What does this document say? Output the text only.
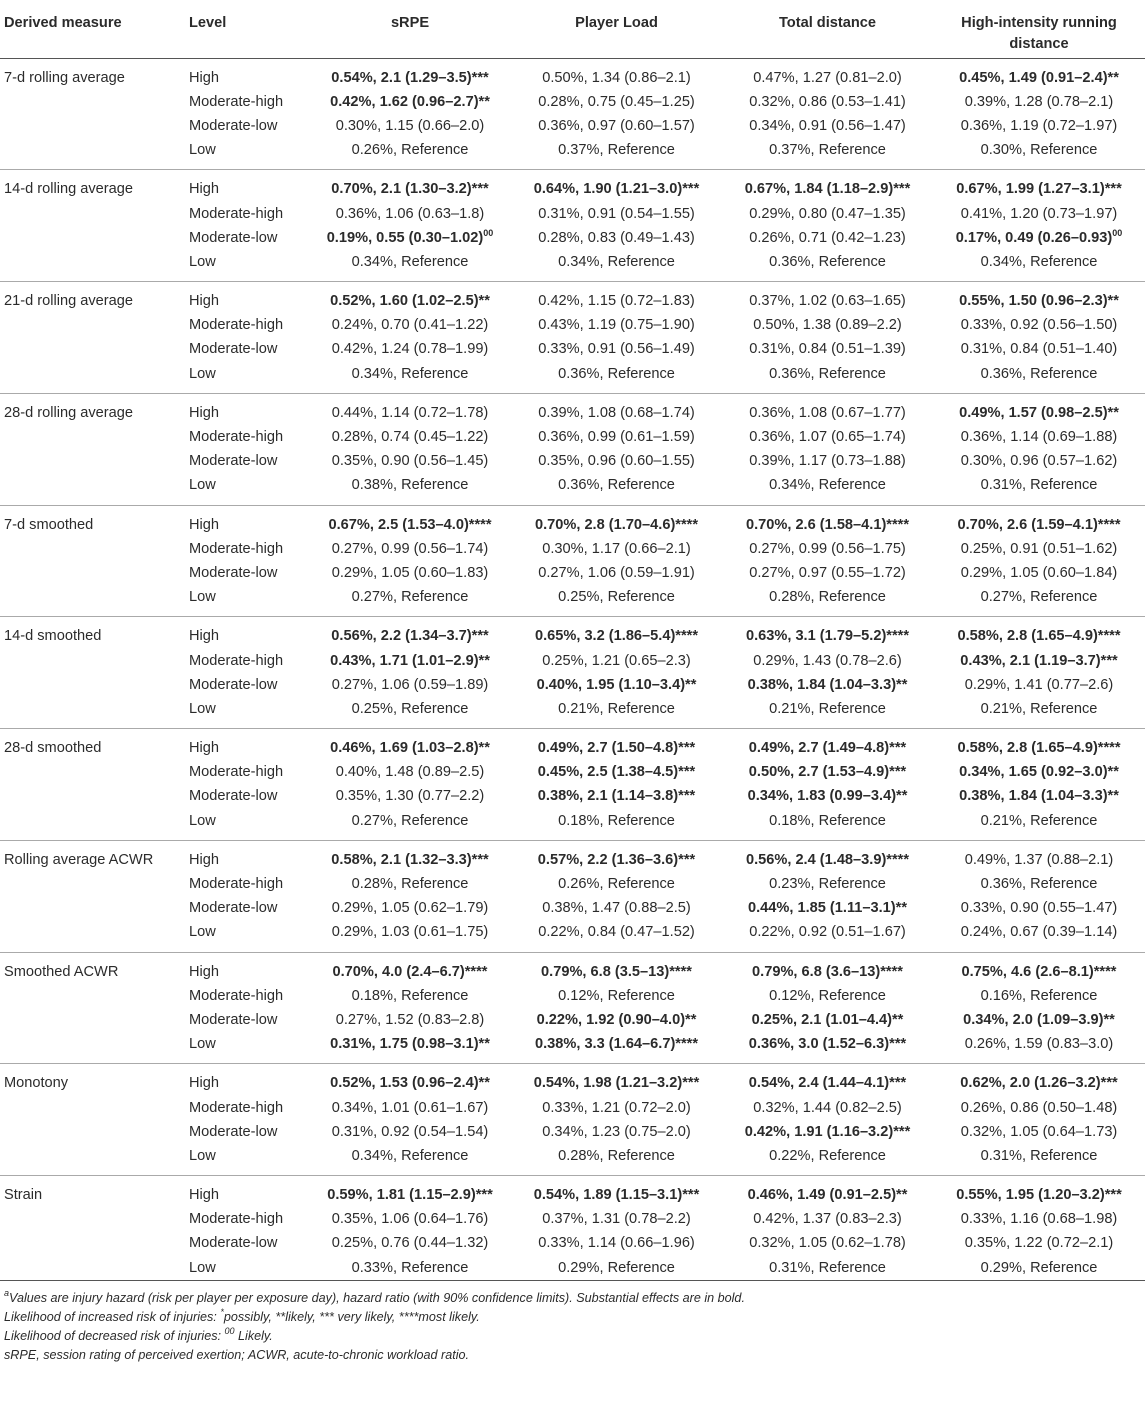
Derived measure	Level	sRPE	Player Load	Total distance	High-intensity running distance
7-d rolling average	High	0.54%, 2.1 (1.29–3.5)***	0.50%, 1.34 (0.86–2.1)	0.47%, 1.27 (0.81–2.0)	0.45%, 1.49 (0.91–2.4)**
	Moderate-high	0.42%, 1.62 (0.96–2.7)**	0.28%, 0.75 (0.45–1.25)	0.32%, 0.86 (0.53–1.41)	0.39%, 1.28 (0.78–2.1)
	Moderate-low	0.30%, 1.15 (0.66–2.0)	0.36%, 0.97 (0.60–1.57)	0.34%, 0.91 (0.56–1.47)	0.36%, 1.19 (0.72–1.97)
	Low	0.26%, Reference	0.37%, Reference	0.37%, Reference	0.30%, Reference
14-d rolling average	High	0.70%, 2.1 (1.30–3.2)***	0.64%, 1.90 (1.21–3.0)***	0.67%, 1.84 (1.18–2.9)***	0.67%, 1.99 (1.27–3.1)***
	Moderate-high	0.36%, 1.06 (0.63–1.8)	0.31%, 0.91 (0.54–1.55)	0.29%, 0.80 (0.47–1.35)	0.41%, 1.20 (0.73–1.97)
	Moderate-low	0.19%, 0.55 $(0.30-1.02)^{00}$	0.28%, 0.83 (0.49–1.43)	0.26%, 0.71 (0.42–1.23)	0.17%, 0.49 $(0.26-0.93)^{00}$
	Low	0.34%, Reference	0.34%, Reference	0.36%, Reference	0.34%, Reference
21-d rolling average	High	0.52%, 1.60 (1.02–2.5)**	0.42%, 1.15 (0.72–1.83)	0.37%, 1.02 (0.63–1.65)	0.55%, 1.50 (0.96–2.3)**
	Moderate-high	0.24%, 0.70 (0.41–1.22)	0.43%, 1.19 (0.75–1.90)	0.50%, 1.38 (0.89–2.2)	0.33%, 0.92 (0.56–1.50)
	Moderate-low	0.42%, 1.24 (0.78–1.99)	0.33%, 0.91 (0.56–1.49)	0.31%, 0.84 (0.51–1.39)	0.31%, 0.84 (0.51–1.40)
	Low	0.34%, Reference	0.36%, Reference	0.36%, Reference	0.36%, Reference
28-d rolling average	High	0.44%, 1.14 (0.72–1.78)	0.39%, 1.08 (0.68–1.74)	0.36%, 1.08 (0.67–1.77)	0.49%, 1.57 (0.98–2.5)**
	Moderate-high	0.28%, 0.74 (0.45–1.22)	0.36%, 0.99 (0.61–1.59)	0.36%, 1.07 (0.65–1.74)	0.36%, 1.14 (0.69–1.88)
	Moderate-low	0.35%, 0.90 (0.56–1.45)	0.35%, 0.96 (0.60–1.55)	0.39%, 1.17 (0.73–1.88)	0.30%, 0.96 (0.57–1.62)
	Low	0.38%, Reference	0.36%, Reference	0.34%, Reference	0.31%, Reference
7-d smoothed	High	0.67%, 2.5 (1.53–4.0)****	0.70%, 2.8 (1.70–4.6)****	0.70%, 2.6 (1.58–4.1)****	0.70%, 2.6 (1.59–4.1)****
	Moderate-high	0.27%, 0.99 (0.56–1.74)	0.30%, 1.17 (0.66–2.1)	0.27%, 0.99 (0.56–1.75)	0.25%, 0.91 (0.51–1.62)
	Moderate-low	0.29%, 1.05 (0.60–1.83)	0.27%, 1.06 (0.59–1.91)	0.27%, 0.97 (0.55–1.72)	0.29%, 1.05 (0.60–1.84)
	Low	0.27%, Reference	0.25%, Reference	0.28%, Reference	0.27%, Reference
14-d smoothed	High	0.56%, 2.2 (1.34–3.7)***	0.65%, 3.2 (1.86–5.4)****	0.63%, 3.1 (1.79–5.2)****	0.58%, 2.8 (1.65–4.9)****
	Moderate-high	0.43%, 1.71 (1.01–2.9)**	0.25%, 1.21 (0.65–2.3)	0.29%, 1.43 (0.78–2.6)	0.43%, 2.1 (1.19–3.7)***
	Moderate-low	0.27%, 1.06 (0.59–1.89)	0.40%, 1.95 (1.10–3.4)**	0.38%, 1.84 (1.04–3.3)**	0.29%, 1.41 (0.77–2.6)
	Low	0.25%, Reference	0.21%, Reference	0.21%, Reference	0.21%, Reference
28-d smoothed	High	0.46%, 1.69 (1.03–2.8)**	0.49%, 2.7 (1.50–4.8)***	0.49%, 2.7 (1.49–4.8)***	0.58%, 2.8 (1.65–4.9)****
	Moderate-high	0.40%, 1.48 (0.89–2.5)	0.45%, 2.5 (1.38–4.5)***	0.50%, 2.7 (1.53–4.9)***	0.34%, 1.65 (0.92–3.0)**
	Moderate-low	0.35%, 1.30 (0.77–2.2)	0.38%, 2.1 (1.14–3.8)***	0.34%, 1.83 (0.99–3.4)**	0.38%, 1.84 (1.04–3.3)**
	Low	0.27%, Reference	0.18%, Reference	0.18%, Reference	0.21%, Reference
Rolling average ACWR	High	0.58%, 2.1 (1.32–3.3)***	0.57%, 2.2 (1.36–3.6)***	0.56%, 2.4 (1.48–3.9)****	0.49%, 1.37 (0.88–2.1)
	Moderate-high	0.28%, Reference	0.26%, Reference	0.23%, Reference	0.36%, Reference
	Moderate-low	0.29%, 1.05 (0.62–1.79)	0.38%, 1.47 (0.88–2.5)	0.44%, 1.85 (1.11–3.1)**	0.33%, 0.90 (0.55–1.47)
	Low	0.29%, 1.03 (0.61–1.75)	0.22%, 0.84 (0.47–1.52)	0.22%, 0.92 (0.51–1.67)	0.24%, 0.67 (0.39–1.14)
Smoothed ACWR	High	0.70%, 4.0 (2.4–6.7)****	0.79%, 6.8 (3.5–13)****	0.79%, 6.8 (3.6–13)****	0.75%, 4.6 (2.6–8.1)****
	Moderate-high	0.18%, Reference	0.12%, Reference	0.12%, Reference	0.16%, Reference
	Moderate-low	0.27%, 1.52 (0.83–2.8)	0.22%, 1.92 (0.90–4.0)**	0.25%, 2.1 (1.01–4.4)**	0.34%, 2.0 (1.09–3.9)**
	Low	0.31%, 1.75 (0.98–3.1)**	0.38%, 3.3 (1.64–6.7)****	0.36%, 3.0 (1.52–6.3)***	0.26%, 1.59 (0.83–3.0)
Monotony	High	0.52%, 1.53 (0.96–2.4)**	0.54%, 1.98 (1.21–3.2)***	0.54%, 2.4 (1.44–4.1)***	0.62%, 2.0 (1.26–3.2)***
	Moderate-high	0.34%, 1.01 (0.61–1.67)	0.33%, 1.21 (0.72–2.0)	0.32%, 1.44 (0.82–2.5)	0.26%, 0.86 (0.50–1.48)
	Moderate-low	0.31%, 0.92 (0.54–1.54)	0.34%, 1.23 (0.75–2.0)	0.42%, 1.91 (1.16–3.2)***	0.32%, 1.05 (0.64–1.73)
	Low	0.34%, Reference	0.28%, Reference	0.22%, Reference	0.31%, Reference
Strain	High	0.59%, 1.81 (1.15–2.9)***	0.54%, 1.89 (1.15–3.1)***	0.46%, 1.49 (0.91–2.5)**	0.55%, 1.95 (1.20–3.2)***
	Moderate-high	0.35%, 1.06 (0.64–1.76)	0.37%, 1.31 (0.78–2.2)	0.42%, 1.37 (0.83–2.3)	0.33%, 1.16 (0.68–1.98)
	Moderate-low	0.25%, 0.76 (0.44–1.32)	0.33%, 1.14 (0.66–1.96)	0.32%, 1.05 (0.62–1.78)	0.35%, 1.22 (0.72–2.1)
	Low	0.33%, Reference	0.29%, Reference	0.31%, Reference	0.29%, Reference

$^a$Values are injury hazard (risk per player per exposure day), hazard ratio (with 90% confidence limits). Substantial effects are in bold.

Likelihood of increased risk of injuries: *possibly, **likely, *** very likely, ****most likely.

Likelihood of decreased risk of injuries: $^{00}$ Likely.

sRPE, session rating of perceived exertion; ACWR, acute-to-chronic workload ratio.
